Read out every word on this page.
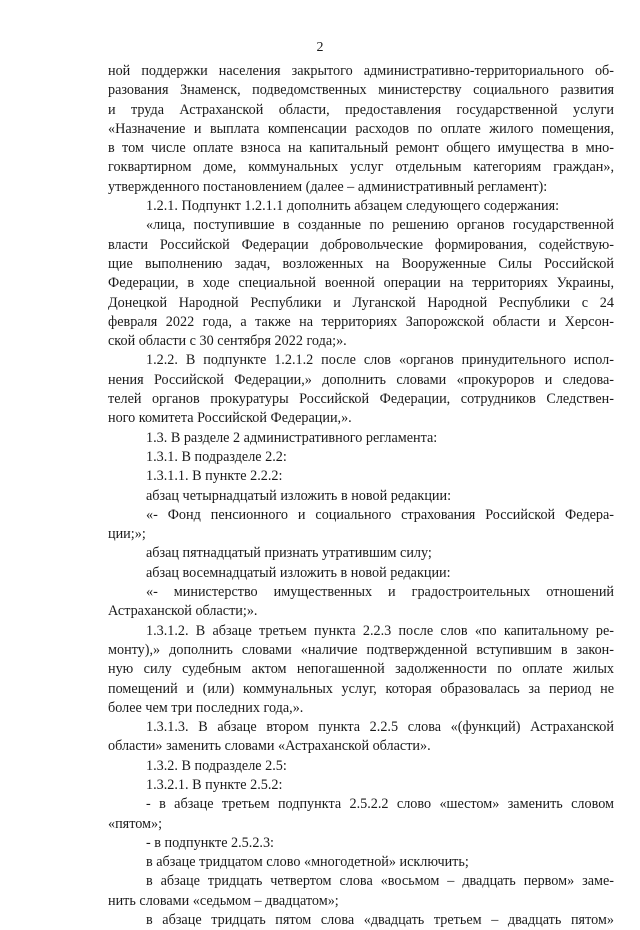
2
ной поддержки населения закрытого административно-территориального об-
разования Знаменск, подведомственных министерству социального развития
и труда Астраханской области, предоставления государственной услуги
«Назначение и выплата компенсации расходов по оплате жилого помещения,
в том числе оплате взноса на капитальный ремонт общего имущества в мно-
гоквартирном доме, коммунальных услуг отдельным категориям граждан»,
утвержденного постановлением (далее – административный регламент):
1.2.1. Подпункт 1.2.1.1 дополнить абзацем следующего содержания:
«лица, поступившие в созданные по решению органов государственной
власти Российской Федерации добровольческие формирования, содействую-
щие выполнению задач, возложенных на Вооруженные Силы Российской
Федерации, в ходе специальной военной операции на территориях Украины,
Донецкой Народной Республики и Луганской Народной Республики с 24
февраля 2022 года, а также на территориях Запорожской области и Херсон-
ской области с 30 сентября 2022 года;».
1.2.2. В подпункте 1.2.1.2 после слов «органов принудительного испол-
нения Российской Федерации,» дополнить словами «прокуроров и следова-
телей органов прокуратуры Российской Федерации, сотрудников Следствен-
ного комитета Российской Федерации,».
1.3. В разделе 2 административного регламента:
1.3.1. В подразделе 2.2:
1.3.1.1. В пункте 2.2.2:
абзац четырнадцатый изложить в новой редакции:
«- Фонд пенсионного и социального страхования Российской Федера-
ции;»;
абзац пятнадцатый признать утратившим силу;
абзац восемнадцатый изложить в новой редакции:
«- министерство имущественных и градостроительных отношений
Астраханской области;».
1.3.1.2. В абзаце третьем пункта 2.2.3 после слов «по капитальному ре-
монту),» дополнить словами «наличие подтвержденной вступившим в закон-
ную силу судебным актом непогашенной задолженности по оплате жилых
помещений и (или) коммунальных услуг, которая образовалась за период не
более чем три последних года,».
1.3.1.3. В абзаце втором пункта 2.2.5 слова «(функций) Астраханской
области» заменить словами «Астраханской области».
1.3.2. В подразделе 2.5:
1.3.2.1. В пункте 2.5.2:
- в абзаце третьем подпункта 2.5.2.2 слово «шестом» заменить словом
«пятом»;
- в подпункте 2.5.2.3:
в абзаце тридцатом слово «многодетной» исключить;
в абзаце тридцать четвертом слова «восьмом – двадцать первом» заме-
нить словами «седьмом – двадцатом»;
в абзаце тридцать пятом слова «двадцать третьем – двадцать пятом»
